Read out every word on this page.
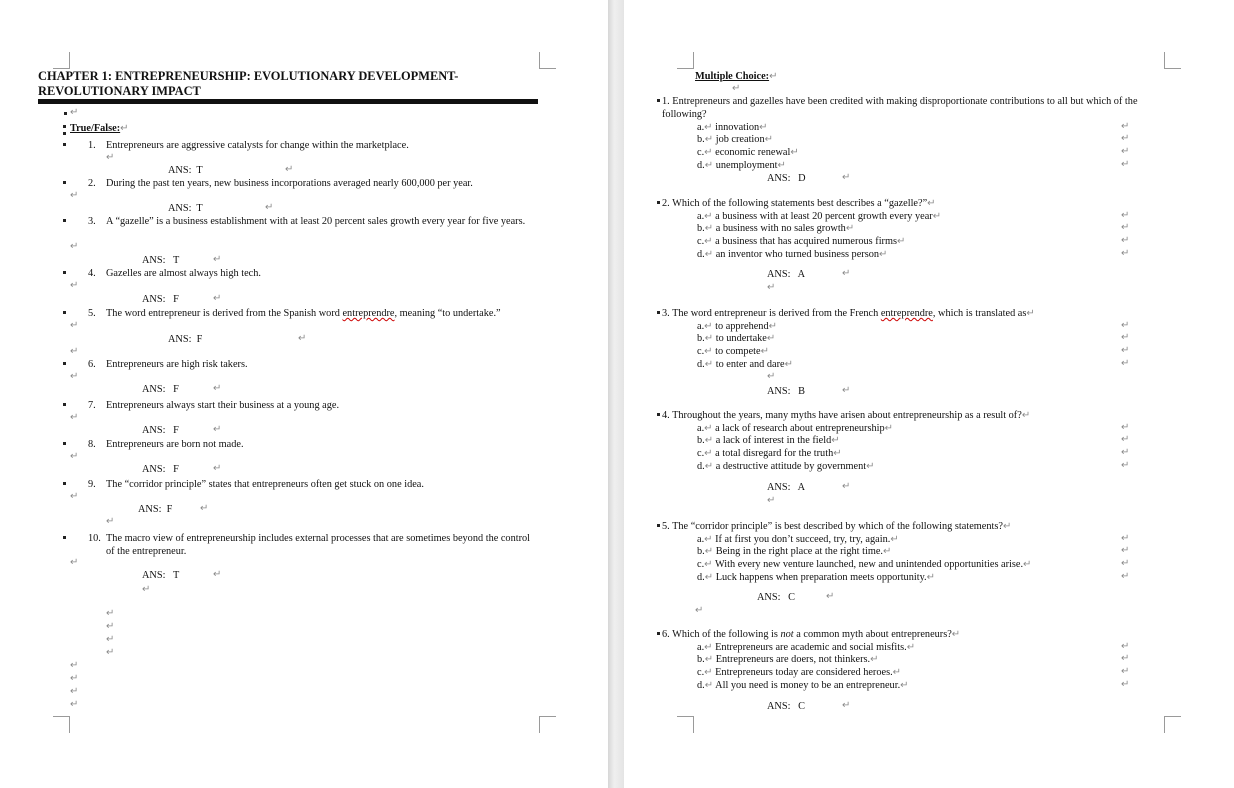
CHAPTER 1: ENTREPRENEURSHIP: EVOLUTIONARY DEVELOPMENT- REVOLUTIONARY IMPACT
↵
True/False:↵
1. Entrepreneurs are aggressive catalysts for change within the marketplace.
↵
ANS:  T	↵
2. During the past ten years, new business incorporations averaged nearly 600,000 per year.
↵
ANS:  T	↵
3. A “gazelle” is a business establishment with at least 20 percent sales growth every year for five years.
↵
ANS:   T	↵
4. Gazelles are almost always high tech.
↵
ANS:   F	↵
5. The word entrepreneur is derived from the Spanish word entreprendre, meaning “to undertake.”
↵
ANS:  F	↵
↵
6. Entrepreneurs are high risk takers.
↵
ANS:   F	↵
7. Entrepreneurs always start their business at a young age.
↵
ANS:   F	↵
8. Entrepreneurs are born not made.
↵
ANS:   F	↵
9. The “corridor principle” states that entrepreneurs often get stuck on one idea.
↵
ANS:  F	↵
↵
10. The macro view of entrepreneurship includes external processes that are sometimes beyond the control of the entrepreneur.
↵
ANS:   T	↵
↵
↵
↵
↵
↵
↵
↵
↵
↵
Multiple Choice:↵
↵
1. Entrepreneurs and gazelles have been credited with making disproportionate contributions to all but which of the following?
a.↵ innovation↵
b.↵ job creation↵
c.↵ economic renewal↵
d.↵ unemployment↵
↵
↵
↵
↵
ANS:   D	↵
2. Which of the following statements best describes a “gazelle?”↵
a.↵ a business with at least 20 percent growth every year↵
b.↵ a business with no sales growth↵
c.↵ a business that has acquired numerous firms↵
d.↵ an inventor who turned business person↵
↵
↵
↵
↵
ANS:   A	↵
↵
3. The word entrepreneur is derived from the French entreprendre, which is translated as↵
a.↵ to apprehend↵
b.↵ to undertake↵
c.↵ to compete↵
d.↵ to enter and dare↵
↵
↵
↵
↵
↵
ANS:   B	↵
4. Throughout the years, many myths have arisen about entrepreneurship as a result of?↵
a.↵ a lack of research about entrepreneurship↵
b.↵ a lack of interest in the field↵
c.↵ a total disregard for the truth↵
d.↵ a destructive attitude by government↵
↵
↵
↵
↵
ANS:   A	↵
↵
5. The “corridor principle” is best described by which of the following statements?↵
a.↵ If at first you don’t succeed, try, try, again.↵
b.↵ Being in the right place at the right time.↵
c.↵ With every new venture launched, new and unintended opportunities arise.↵
d.↵ Luck happens when preparation meets opportunity.↵
↵
↵
↵
↵
ANS:   C	↵
↵
6. Which of the following is not a common myth about entrepreneurs?↵
a.↵ Entrepreneurs are academic and social misfits.↵
b.↵ Entrepreneurs are doers, not thinkers.↵
c.↵ Entrepreneurs today are considered heroes.↵
d.↵ All you need is money to be an entrepreneur.↵
↵
↵
↵
↵
ANS:   C	↵
